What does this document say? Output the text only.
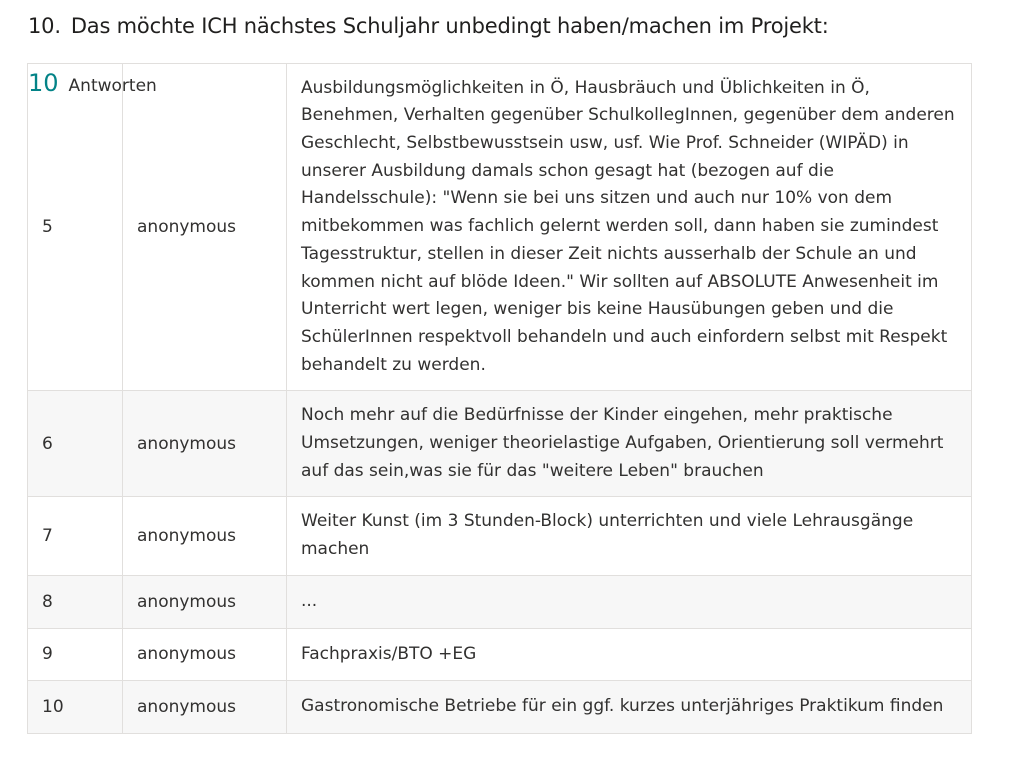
10. Das möchte ICH nächstes Schuljahr unbedingt haben/machen im Projekt:
10 Antworten
5	anonymous	Ausbildungsmöglichkeiten in Ö, Hausbräuch und Üblichkeiten in Ö, Benehmen, Verhalten gegenüber SchulkollegInnen, gegenüber dem anderen Geschlecht, Selbstbewusstsein usw, usf. Wie Prof. Schneider (WIPÄD) in unserer Ausbildung damals schon gesagt hat (bezogen auf die Handelsschule): "Wenn sie bei uns sitzen und auch nur 10% von dem mitbekommen was fachlich gelernt werden soll, dann haben sie zumindest Tagesstruktur, stellen in dieser Zeit nichts ausserhalb der Schule an und kommen nicht auf blöde Ideen." Wir sollten auf ABSOLUTE Anwesenheit im Unterricht wert legen, weniger bis keine Hausübungen geben und die SchülerInnen respektvoll behandeln und auch einfordern selbst mit Respekt behandelt zu werden.
6	anonymous	Noch mehr auf die Bedürfnisse der Kinder eingehen, mehr praktische Umsetzungen, weniger theorielastige Aufgaben, Orientierung soll vermehrt auf das sein,was sie für das "weitere Leben" brauchen
7	anonymous	Weiter Kunst (im 3 Stunden-Block) unterrichten und viele Lehrausgänge machen
8	anonymous	...
9	anonymous	Fachpraxis/BTO +EG
10	anonymous	Gastronomische Betriebe für ein ggf. kurzes unterjähriges Praktikum finden
